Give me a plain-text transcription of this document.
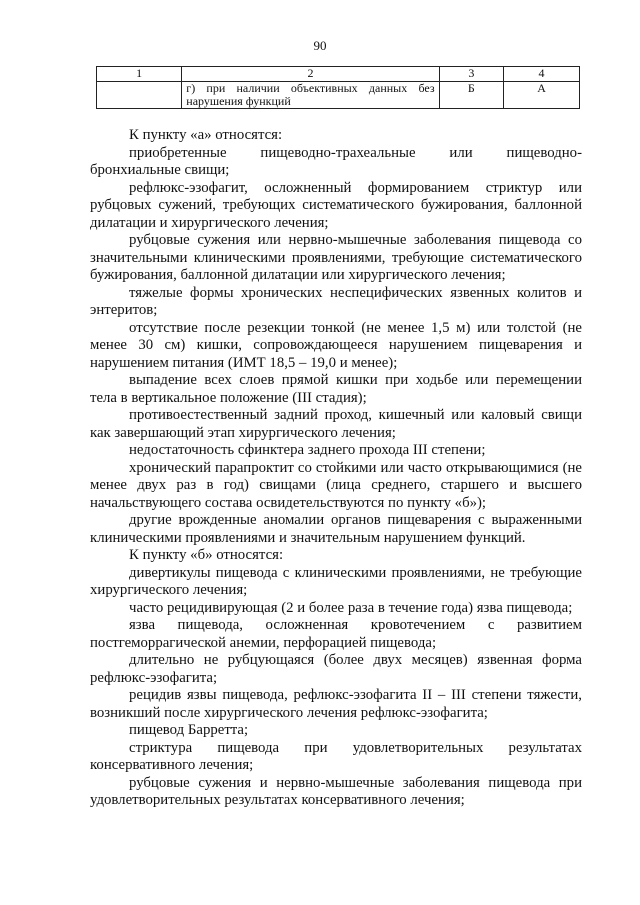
90
1	2	3	4
	г) при наличии объективных данных без нарушения функций	Б	А

К пункту «а» относятся:

приобретенные пищеводно-трахеальные или пищеводно-бронхиальные свищи;

рефлюкс-эзофагит, осложненный формированием стриктур или рубцовых сужений, требующих систематического бужирования, баллонной дилатации и хирургического лечения;

рубцовые сужения или нервно-мышечные заболевания пищевода со значительными клиническими проявлениями, требующие систематического бужирования, баллонной дилатации или хирургического лечения;

тяжелые формы хронических неспецифических язвенных колитов и энтеритов;

отсутствие после резекции тонкой (не менее 1,5 м) или толстой (не менее 30 см) кишки, сопровождающееся нарушением пищеварения и нарушением питания (ИМТ 18,5 – 19,0 и менее);

выпадение всех слоев прямой кишки при ходьбе или перемещении тела в вертикальное положение (III стадия);

противоестественный задний проход, кишечный или каловый свищи как завершающий этап хирургического лечения;

недостаточность сфинктера заднего прохода III степени;

хронический парапроктит со стойкими или часто открывающимися (не менее двух раз в год) свищами (лица среднего, старшего и высшего начальствующего состава освидетельствуются по пункту «б»);

другие врожденные аномалии органов пищеварения с выраженными клиническими проявлениями и значительным нарушением функций.

К пункту «б» относятся:

дивертикулы пищевода с клиническими проявлениями, не требующие хирургического лечения;

часто рецидивирующая (2 и более раза в течение года) язва пищевода;

язва пищевода, осложненная кровотечением с развитием постгеморрагической анемии, перфорацией пищевода;

длительно не рубцующаяся (более двух месяцев) язвенная форма рефлюкс-эзофагита;

рецидив язвы пищевода, рефлюкс-эзофагита II – III степени тяжести, возникший после хирургического лечения рефлюкс-эзофагита;

пищевод Барретта;

стриктура пищевода при удовлетворительных результатах консервативного лечения;

рубцовые сужения и нервно-мышечные заболевания пищевода при удовлетворительных результатах консервативного лечения;
